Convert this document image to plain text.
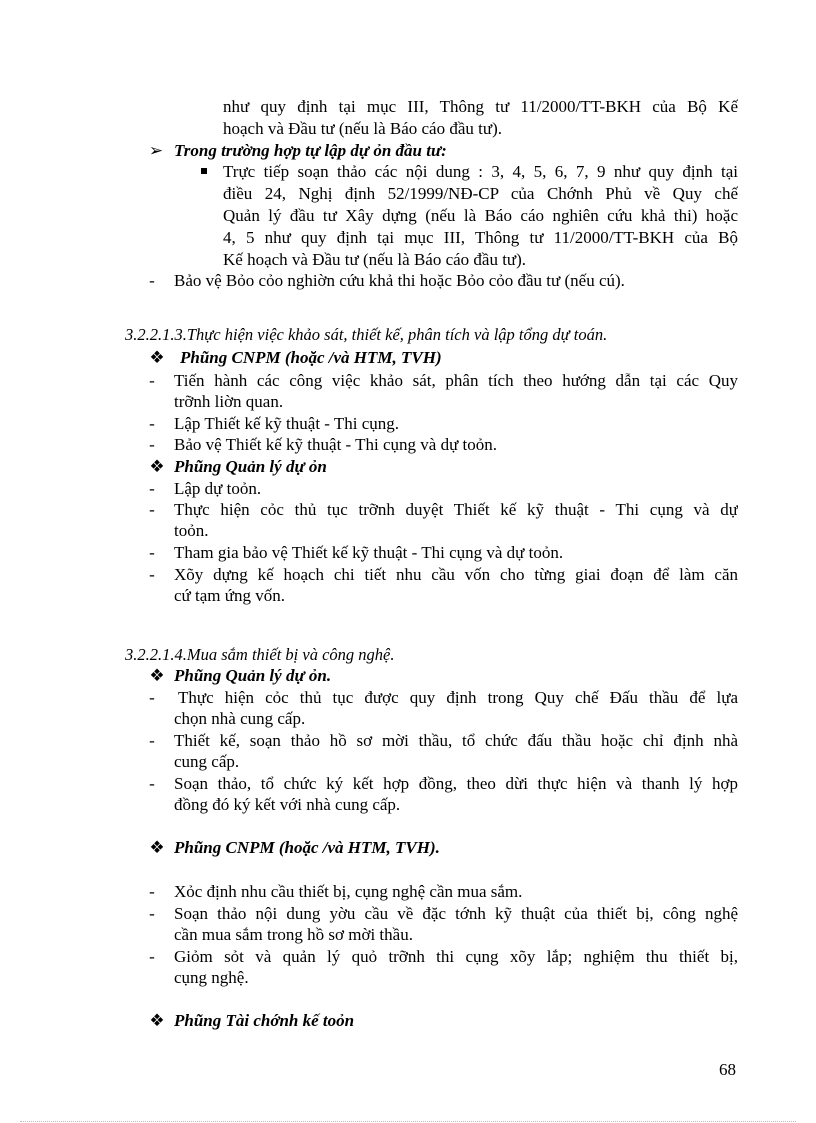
như quy định tại mục III, Thông tư 11/2000/TT-BKH của Bộ Kế
hoạch và Đầu tư (nếu là Báo cáo đầu tư).
➢ Trong trường hợp tự lập dự ỏn đầu tư:
Trực tiếp soạn thảo các nội dung : 3, 4, 5, 6, 7, 9 như quy định tại
điều 24, Nghị định 52/1999/NĐ-CP của Chớnh Phủ về Quy chế
Quản lý đầu tư Xây dựng (nếu là Báo cáo nghiên cứu khả thi) hoặc
4, 5 như quy định tại mục III, Thông tư 11/2000/TT-BKH của Bộ
Kế hoạch và Đầu tư (nếu là Báo cáo đầu tư).
- Bảo vệ Bỏo cỏo nghiờn cứu khả thi hoặc Bỏo cỏo đầu tư (nếu cú).
3.2.2.1.3.Thực hiện việc khảo sát, thiết kế, phân tích và lập tổng dự toán.
❖ Phũng CNPM (hoặc /và HTM, TVH)
- Tiến hành các công việc khảo sát, phân tích theo hướng dẫn tại các Quy
trỡnh liờn quan.
- Lập Thiết kế kỹ thuật - Thi cụng.
- Bảo vệ Thiết kế kỹ thuật - Thi cụng và dự toỏn.
❖ Phũng Quản lý dự ỏn
- Lập dự toỏn.
- Thực hiện cỏc thủ tục trỡnh duyệt Thiết kế kỹ thuật - Thi cụng và dự
toỏn.
- Tham gia bảo vệ Thiết kế kỹ thuật - Thi cụng và dự toỏn.
- Xõy dựng kế hoạch chi tiết nhu cầu vốn cho từng giai đoạn để làm căn
cứ tạm ứng vốn.
3.2.2.1.4.Mua sắm thiết bị và công nghệ.
❖ Phũng Quản lý dự ỏn.
- Thực hiện cỏc thủ tục được quy định trong Quy chế Đấu thầu để lựa
chọn nhà cung cấp.
- Thiết kế, soạn thảo hồ sơ mời thầu, tổ chức đấu thầu hoặc chỉ định nhà
cung cấp.
- Soạn thảo, tổ chức ký kết hợp đồng, theo dừi thực hiện và thanh lý hợp
đồng đó ký kết với nhà cung cấp.
❖ Phũng CNPM (hoặc /và HTM, TVH).
- Xỏc định nhu cầu thiết bị, cụng nghệ cần mua sắm.
- Soạn thảo nội dung yờu cầu về đặc tớnh kỹ thuật của thiết bị, công nghệ
cần mua sắm trong hồ sơ mời thầu.
- Giỏm sỏt và quản lý quỏ trỡnh thi cụng xõy lắp; nghiệm thu thiết bị,
cụng nghệ.
❖ Phũng Tài chớnh kế toỏn
68
